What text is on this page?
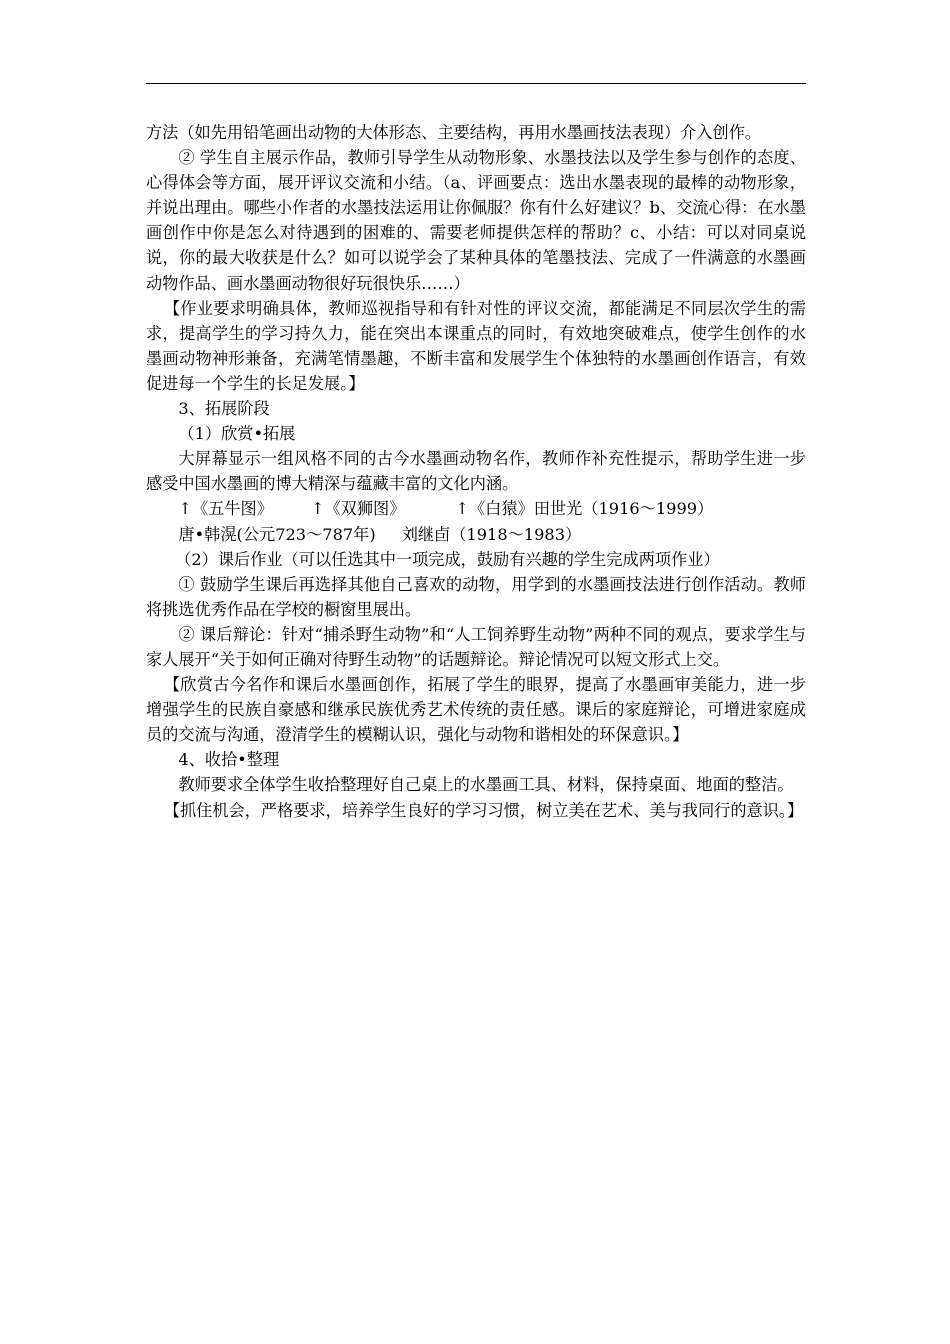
方法（如先用铅笔画出动物的大体形态、主要结构，再用水墨画技法表现）介入创作。

② 学生自主展示作品，教师引导学生从动物形象、水墨技法以及学生参与创作的态度、心得体会等方面，展开评议交流和小结。（a、评画要点：选出水墨表现的最棒的动物形象，并说出理由。哪些小作者的水墨技法运用让你佩服？你有什么好建议？b、交流心得：在水墨画创作中你是怎么对待遇到的困难的、需要老师提供怎样的帮助？c、小结：可以对同桌说说，你的最大收获是什么？如可以说学会了某种具体的笔墨技法、完成了一件满意的水墨画动物作品、画水墨画动物很好玩很快乐……）

【作业要求明确具体，教师巡视指导和有针对性的评议交流，都能满足不同层次学生的需求，提高学生的学习持久力，能在突出本课重点的同时，有效地突破难点，使学生创作的水墨画动物神形兼备，充满笔情墨趣，不断丰富和发展学生个体独特的水墨画创作语言，有效促进每一个学生的长足发展。】

3、拓展阶段

（1）欣赏•拓展

大屏幕显示一组风格不同的古今水墨画动物名作，教师作补充性提示，帮助学生进一步感受中国水墨画的博大精深与蕴藏丰富的文化内涵。

↑《五牛图》 ↑《双狮图》	↑《白猿》田世光（1916～1999）

唐•韩滉(公元723～787年) 刘继卣（1918～1983）

（2）课后作业（可以任选其中一项完成，鼓励有兴趣的学生完成两项作业）

① 鼓励学生课后再选择其他自己喜欢的动物，用学到的水墨画技法进行创作活动。教师将挑选优秀作品在学校的橱窗里展出。

② 课后辩论：针对“捕杀野生动物”和“人工饲养野生动物”两种不同的观点，要求学生与家人展开“关于如何正确对待野生动物”的话题辩论。辩论情况可以短文形式上交。

【欣赏古今名作和课后水墨画创作，拓展了学生的眼界，提高了水墨画审美能力，进一步增强学生的民族自豪感和继承民族优秀艺术传统的责任感。课后的家庭辩论，可增进家庭成员的交流与沟通，澄清学生的模糊认识，强化与动物和谐相处的环保意识。】

4、收拾•整理

教师要求全体学生收拾整理好自己桌上的水墨画工具、材料，保持桌面、地面的整洁。

【抓住机会，严格要求，培养学生良好的学习习惯，树立美在艺术、美与我同行的意识。】
